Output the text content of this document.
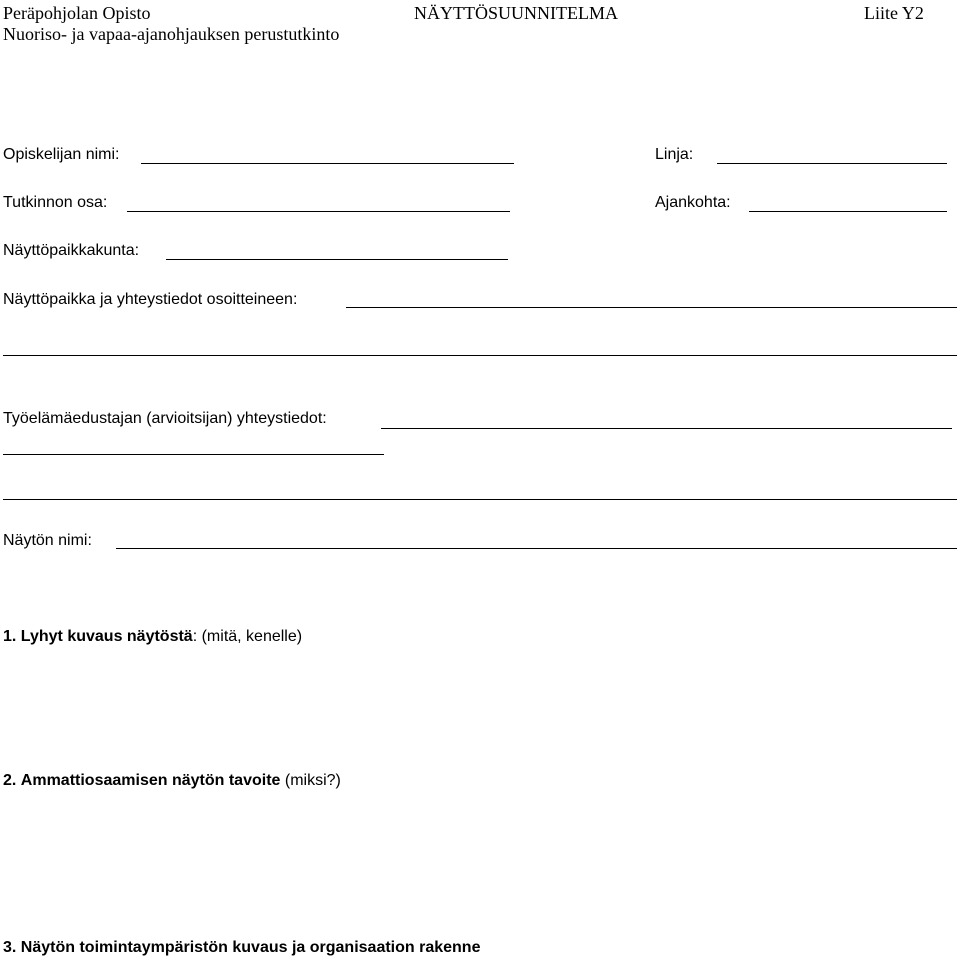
Peräpohjolan Opisto
Nuoriso- ja vapaa-ajanohjauksen perustutkinto
NÄYTTÖSUUNNITELMA	Liite Y2
Opiskelijan nimi:	Linja:
Tutkinnon osa:	Ajankohta:
Näyttöpaikkakunta:
Näyttöpaikka ja yhteystiedot osoitteineen:
Työelämäedustajan (arvioitsijan) yhteystiedot:
Näytön nimi:
1. Lyhyt kuvaus näytöstä: (mitä, kenelle)
2. Ammattiosaamisen näytön tavoite (miksi?)
3. Näytön toimintaympäristön kuvaus ja organisaation rakenne
